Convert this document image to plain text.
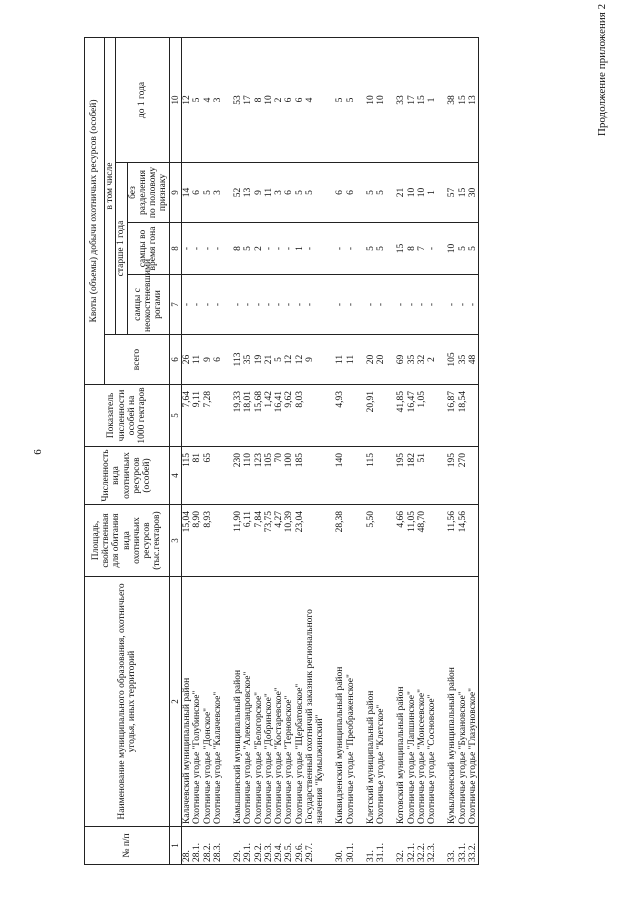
6
Продолжение приложения 2
№ п/п	Наименование муниципального образования, охотничьего угодья, иных территорий	Площадь, свойственная для обитания вида охотничьих ресурсов (тыс.гектаров)	Численность вида охотничьих ресурсов (особей)	Показатель численности особей на 1000 гектаров	Квоты (объемы) добычи охотничьих ресурсов (особей)				
					всего	в том числе			
						старше 1 года			до 1 года
						самцы с неокостеневшими рогами	самцы во время гона	без разделения по половому признаку	
1	2	3	4	5	6	7	8	9	10
28.	Калачевский муниципальный район	15,04	115	7,64	26	-	-	14	12
28.1.	Охотничье угодье "Голубинское"	8,90	81	9,11	11	-	-	6	5
28.2.	Охотничье угодье "Донское"	8,93	65	7,28	9	-	-	5	4
28.3.	Охотничье угодье "Калачевское"				6	-	-	3	3

29.	Камышинский муниципальный район	11,90	230	19,33	113	-	8	52	53
29.1.	Охотничье угодье "Александровское"	6,11	110	18,01	35	-	5	13	17
29.2.	Охотничье угодье "Белогорское"	7,84	123	15,68	19	-	2	9	8
29.3.	Охотничье угодье "Добринское"	73,75	105	1,42	21	-	-	11	10
29.4.	Охотничье угодье "Костаревское"	4,27	70	16,41	5	-	-	3	2
29.5.	Охотничье угодье "Терновское"	10,39	100	9,62	12	-	-	6	6
29.6.	Охотничье угодье "Щербатовское"	23,04	185	8,03	12	-	1	5	6
29.7.	Государственный охотничий заказник регионального значения "Кумылжинский"				9	-	-	5	4

30.	Киквидзенский муниципальный район	28,38	140	4,93	11	-	-	6	5
30.1.	Охотничье угодье "Преображенское"				11	-	-	6	5

31.	Клетский муниципальный район	5,50	115	20,91	20	-	5	5	10
31.1.	Охотничье угодье "Клетское"				20	-	5	5	10

32.	Котовский муниципальный район	4,66	195	41,85	69	-	15	21	33
32.1.	Охотничье угодье "Лапшинское"	11,05	182	16,47	35	-	8	10	17
32.2.	Охотничье угодье "Моисеевское"	48,70	51	1,05	32	-	7	10	15
32.3.	Охотничье угодье "Сосновское"				2	-	-	1	1

33.	Кумылженский муниципальный район	11,56	195	16,87	105	-	10	57	38
33.1.	Охотничье угодье "Букановское"	14,56	270	18,54	35	-	5	15	15
33.2.	Охотничье угодье "Глазуновское"				48	-	5	30	13
